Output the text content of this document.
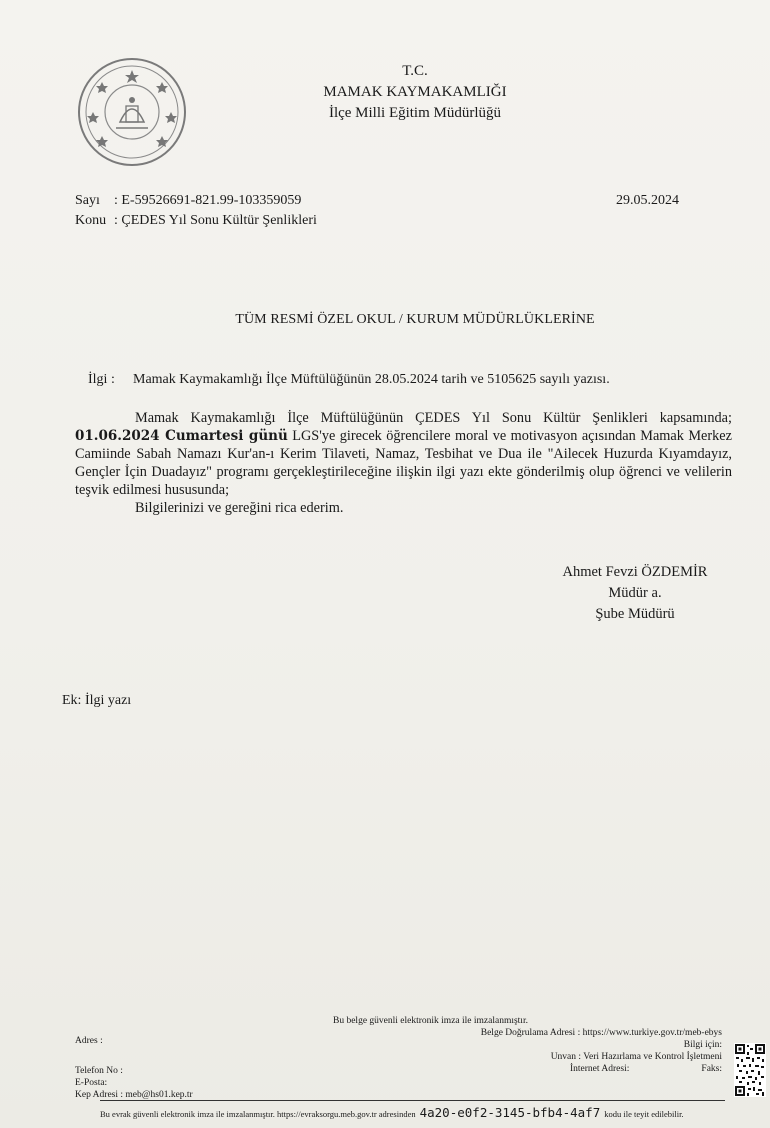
T.C.
MAMAK KAYMAKAMLIĞI
İlçe Milli Eğitim Müdürlüğü
Sayı : E-59526691-821.99-103359059
Konu : ÇEDES Yıl Sonu Kültür Şenlikleri
29.05.2024
TÜM RESMİ ÖZEL OKUL / KURUM MÜDÜRLÜKLERİNE
İlgi : Mamak Kaymakamlığı İlçe Müftülüğünün 28.05.2024 tarih ve 5105625 sayılı yazısı.

Mamak Kaymakamlığı İlçe Müftülüğünün ÇEDES Yıl Sonu Kültür Şenlikleri kapsamında; 01.06.2024 Cumartesi günü LGS'ye girecek öğrencilere moral ve motivasyon açısından Mamak Merkez Camiinde Sabah Namazı Kur'an-ı Kerim Tilaveti, Namaz, Tesbihat ve Dua ile "Ailecek Huzurda Kıyamdayız, Gençler İçin Duadayız" programı gerçekleştirileceğine ilişkin ilgi yazı ekte gönderilmiş olup öğrenci ve velilerin teşvik edilmesi hususunda;

Bilgilerinizi ve gereğini rica ederim.

Ahmet Fevzi ÖZDEMİR
Müdür a.
Şube Müdürü
Ek: İlgi yazı
Bu belge güvenli elektronik imza ile imzalanmıştır.
Belge Doğrulama Adresi : https://www.turkiye.gov.tr/meb-ebys
Bilgi için:
Unvan : Veri Hazırlama ve Kontrol İşletmeni
İnternet Adresi:	Faks:
Adres :
Telefon No :
E-Posta:
Kep Adresi : meb@hs01.kep.tr
Bu evrak güvenli elektronik imza ile imzalanmıştır. https://evraksorgu.meb.gov.tr adresinden 4a20-e0f2-3145-bfb4-4af7 kodu ile teyit edilebilir.
